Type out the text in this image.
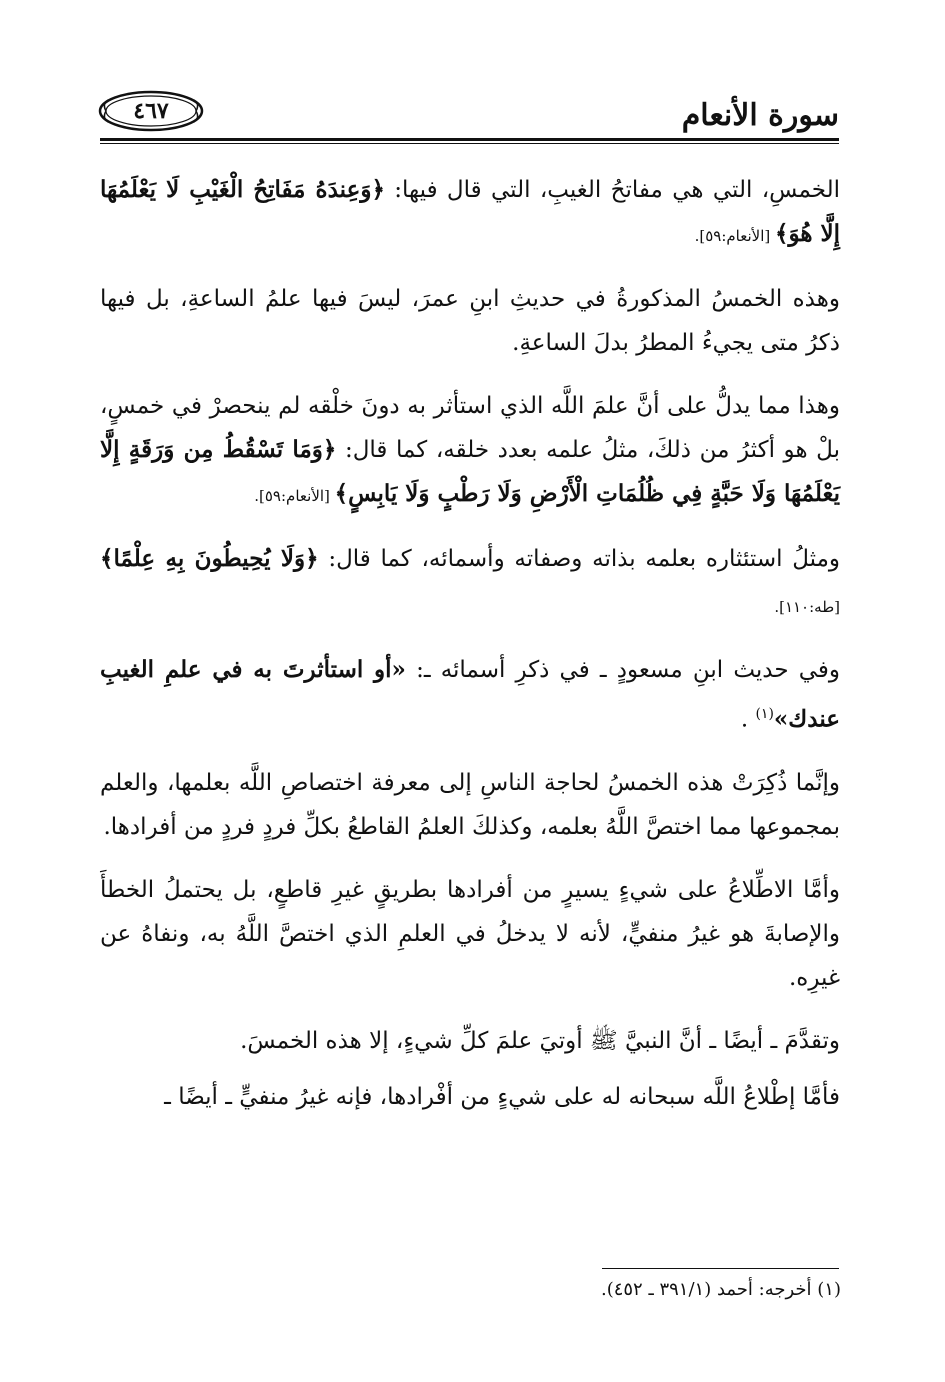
سورة الأنعام
٤٦٧

الخمسِ، التي هي مفاتحُ الغيبِ، التي قال فيها: ﴿وَعِندَهُ مَفَاتِحُ الْغَيْبِ لَا يَعْلَمُهَا إِلَّا هُوَ﴾ [الأنعام:٥٩].

وهذه الخمسُ المذكورةُ في حديثِ ابنِ عمرَ، ليسَ فيها علمُ الساعةِ، بل فيها ذكرُ متى يجيءُ المطرُ بدلَ الساعةِ.

وهذا مما يدلُّ على أنَّ علمَ اللَّه الذي استأثر به دونَ خلْقه لم ينحصرْ في خمسٍ، بلْ هو أكثرُ من ذلكَ، مثلُ علمه بعدد خلقه، كما قال: ﴿وَمَا تَسْقُطُ مِن وَرَقَةٍ إِلَّا يَعْلَمُهَا وَلَا حَبَّةٍ فِي ظُلُمَاتِ الْأَرْضِ وَلَا رَطْبٍ وَلَا يَابِسٍ﴾ [الأنعام:٥٩].

ومثلُ استئثاره بعلمه بذاته وصفاته وأسمائه، كما قال: ﴿وَلَا يُحِيطُونَ بِهِ عِلْمًا﴾ [طه:١١٠].

وفي حديث ابنِ مسعودٍ ـ في ذكرِ أسمائه ـ: «أو استأثرتَ به في علمِ الغيبِ عندك»$^{(١)}$ .

وإنَّما ذُكِرَتْ هذه الخمسُ لحاجة الناسِ إلى معرفة اختصاصِ اللَّه بعلمها، والعلم بمجموعها مما اختصَّ اللَّهُ بعلمه، وكذلكَ العلمُ القاطعُ بكلِّ فردٍ فردٍ من أفرادها.

وأمَّا الاطِّلاعُ على شيءٍ يسيرٍ من أفرادها بطريقٍ غيرِ قاطعٍ، بل يحتملُ الخطأَ والإصابةَ هو غيرُ منفيٍّ، لأنه لا يدخلُ في العلمِ الذي اختصَّ اللَّهُ به، ونفاهُ عن غيرِه.

وتقدَّمَ ـ أيضًا ـ أنَّ النبيَّ ﷺ أوتيَ علمَ كلِّ شيءٍ، إلا هذه الخمسَ.

فأمَّا إطْلاعُ اللَّه سبحانه له على شيءٍ من أفْرادها، فإنه غيرُ منفيٍّ ـ أيضًا ـ

(١) أخرجه: أحمد (٣٩١/١ ـ ٤٥٢).
